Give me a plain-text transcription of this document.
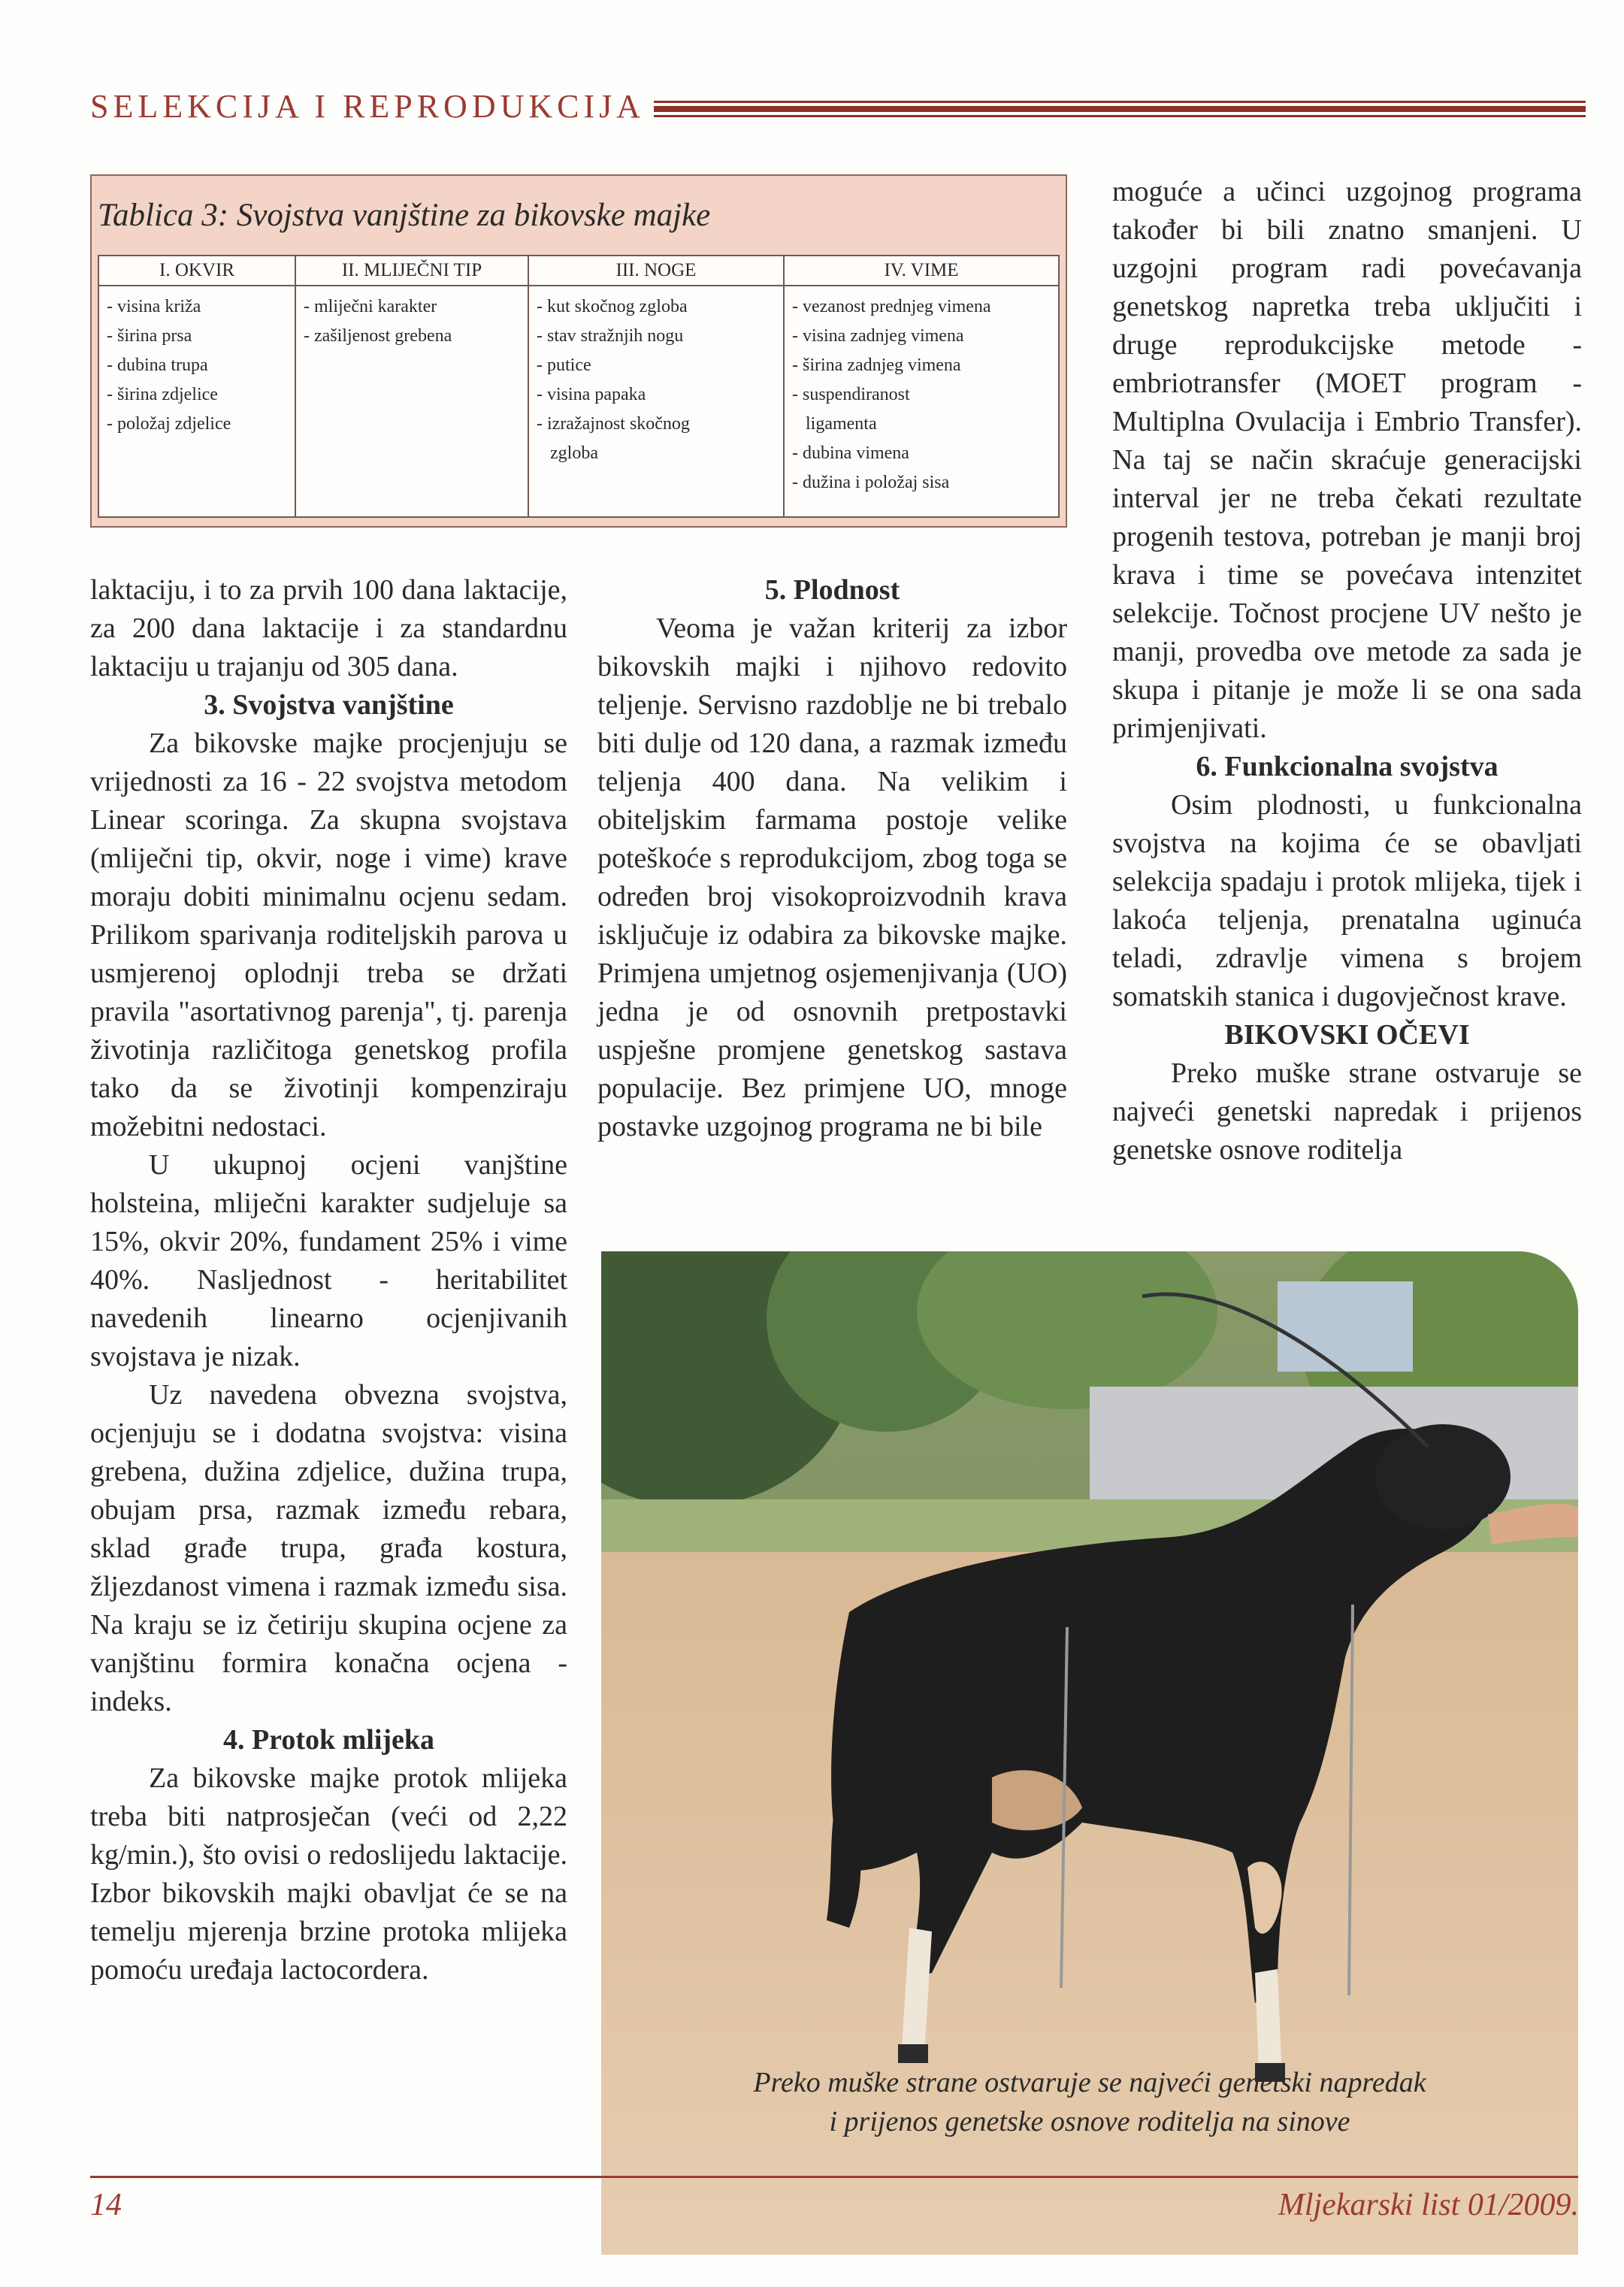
SELEKCIJA I REPRODUKCIJA
Tablica 3: Svojstva vanjštine za bikovske majke
I. OKVIR
- visina križa
- širina prsa
- dubina trupa
- širina zdjelice
- položaj zdjelice
II. MLIJEČNI TIP
- mliječni karakter
- zašiljenost grebena
III. NOGE
- kut skočnog zgloba
- stav stražnjih nogu
- putice
- visina papaka
- izražajnost skočnog
zgloba
IV. VIME
- vezanost prednjeg vimena
- visina zadnjeg vimena
- širina zadnjeg vimena
- suspendiranost
ligamenta
- dubina vimena
- dužina i položaj sisa

laktaciju, i to za prvih 100 dana laktacije, za 200 dana laktacije i za standardnu laktaciju u trajanju od 305 dana.

3. Svojstva vanjštine

Za bikovske majke procjenjuju se vrijednosti za 16 - 22 svojstva metodom Linear scoringa. Za skupna svojstava (mliječni tip, okvir, noge i vime) krave moraju dobiti minimalnu ocjenu sedam. Prilikom sparivanja roditeljskih parova u usmjerenoj oplodnji treba se držati pravila "asortativnog parenja", tj. parenja životinja različitoga genetskog profila tako da se životinji kompenziraju možebitni nedostaci.

U ukupnoj ocjeni vanjštine holsteina, mliječni karakter sudjeluje sa 15%, okvir 20%, fundament 25% i vime 40%. Nasljednost - heritabilitet navedenih linearno ocjenjivanih svojstava je nizak.

Uz navedena obvezna svojstva, ocjenjuju se i dodatna svojstva: visina grebena, dužina zdjelice, dužina trupa, obujam prsa, razmak između rebara, sklad građe trupa, građa kostura, žljezdanost vimena i razmak između sisa. Na kraju se iz četiriju skupina ocjene za vanjštinu formira konačna ocjena - indeks.

4. Protok mlijeka

Za bikovske majke protok mlijeka treba biti natprosječan (veći od 2,22 kg/min.), što ovisi o redoslijedu laktacije. Izbor bikovskih majki obavljat će se na temelju mjerenja brzine protoka mlijeka pomoću uređaja lactocordera.

5. Plodnost

Veoma je važan kriterij za izbor bikovskih majki i njihovo redovito teljenje. Servisno razdoblje ne bi trebalo biti dulje od 120 dana, a razmak između teljenja 400 dana. Na velikim i obiteljskim farmama postoje velike poteškoće s reprodukcijom, zbog toga se određen broj visokoproizvodnih krava isključuje iz odabira za bikovske majke. Primjena umjetnog osjemenjivanja (UO) jedna je od osnovnih pretpostavki uspješne promjene genetskog sastava populacije. Bez primjene UO, mnoge postavke uzgojnog programa ne bi bile

moguće a učinci uzgojnog programa također bi bili znatno smanjeni. U uzgojni program radi povećavanja genetskog napretka treba uključiti i druge reprodukcijske metode - embriotransfer (MOET program - Multiplna Ovulacija i Embrio Transfer). Na taj se način skraćuje generacijski interval jer ne treba čekati rezultate progenih testova, potreban je manji broj krava i time se povećava intenzitet selekcije. Točnost procjene UV nešto je manji, provedba ove metode za sada je skupa i pitanje je može li se ona sada primjenjivati.

6. Funkcionalna svojstva

Osim plodnosti, u funkcionalna svojstva na kojima će se obavljati selekcija spadaju i protok mlijeka, tijek i lakoća teljenja, prenatalna uginuća teladi, zdravlje vimena s brojem somatskih stanica i dugovječnost krave.

BIKOVSKI OČEVI

Preko muške strane ostvaruje se najveći genetski napredak i prijenos genetske osnove roditelja

14	Mljekarski list 01/2009.
Preko muške strane ostvaruje se najveći genetski napredak
i prijenos genetske osnove roditelja na sinove
